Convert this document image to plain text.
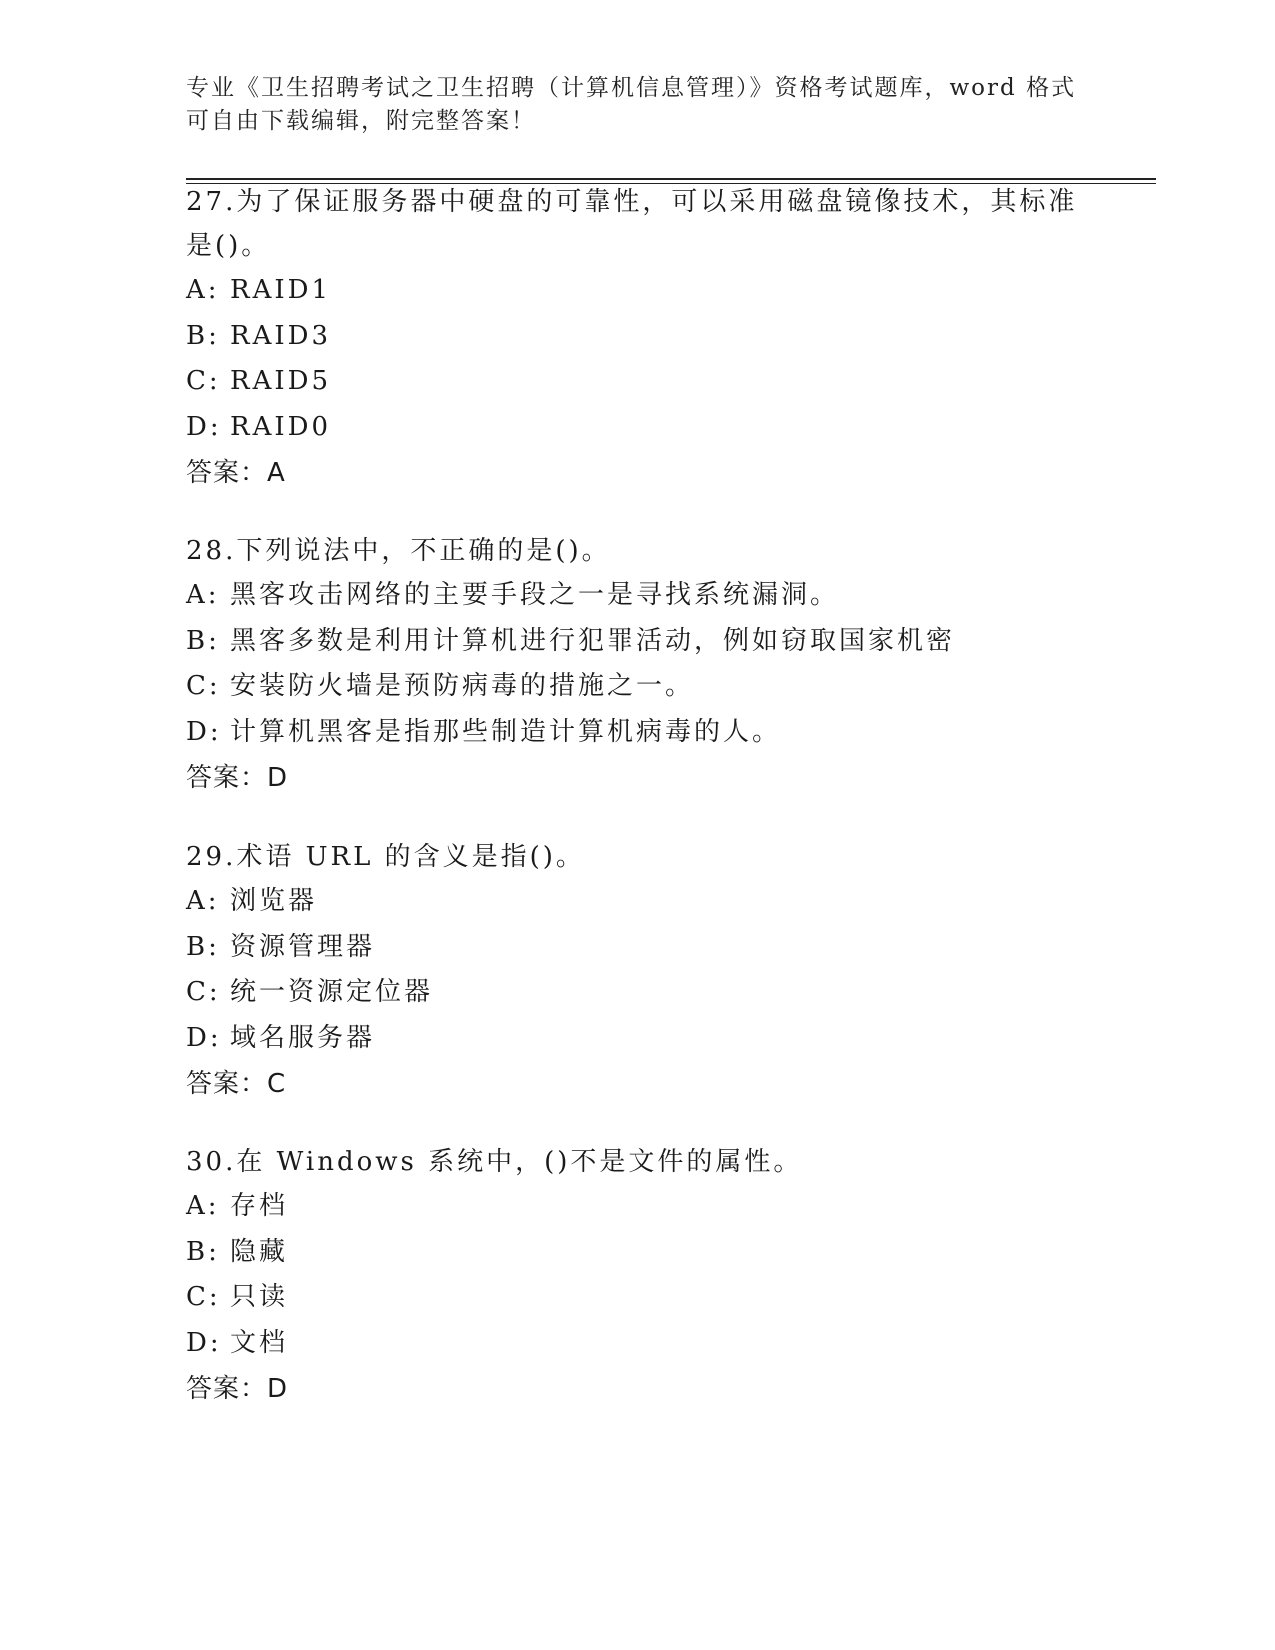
专业《卫生招聘考试之卫生招聘（计算机信息管理）》资格考试题库，word 格式
可自由下载编辑，附完整答案！
27.为了保证服务器中硬盘的可靠性，可以采用磁盘镜像技术，其标准
是()。
A: RAID1
B: RAID3
C: RAID5
D: RAID0
答案：A
28.下列说法中，不正确的是()。
A: 黑客攻击网络的主要手段之一是寻找系统漏洞。
B: 黑客多数是利用计算机进行犯罪活动，例如窃取国家机密
C: 安装防火墙是预防病毒的措施之一。
D: 计算机黑客是指那些制造计算机病毒的人。
答案：D
29.术语 URL 的含义是指()。
A: 浏览器
B: 资源管理器
C: 统一资源定位器
D: 域名服务器
答案：C
30.在 Windows 系统中，()不是文件的属性。
A: 存档
B: 隐藏
C: 只读
D: 文档
答案：D
